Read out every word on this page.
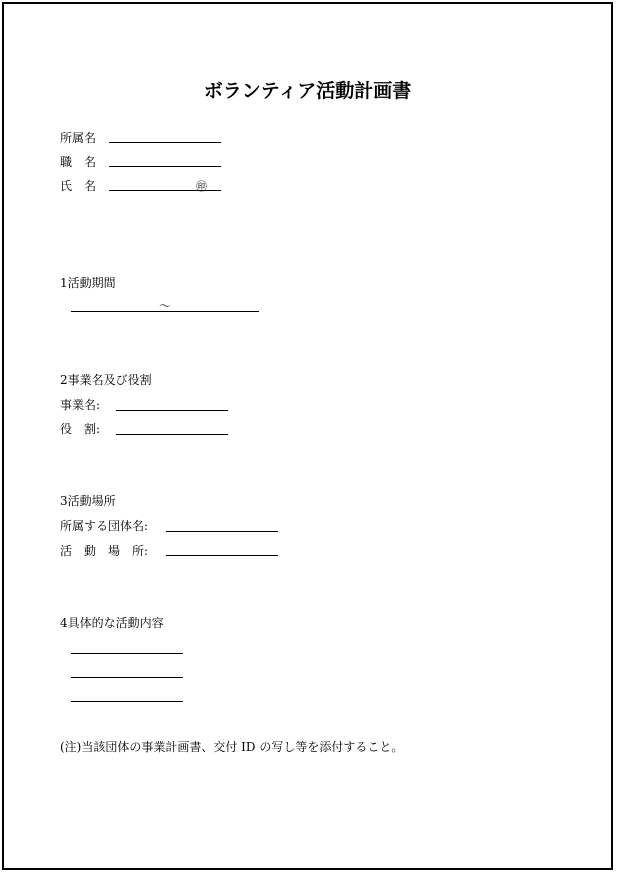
ボランティア活動計画書
所属名
職　名
氏　名	㊞
1活動期間
～
2事業名及び役割
事業名:
役　割:
3活動場所
所属する団体名:
活　動　場　所:
4具体的な活動内容
(注)当該団体の事業計画書、交付 ID の写し等を添付すること。
